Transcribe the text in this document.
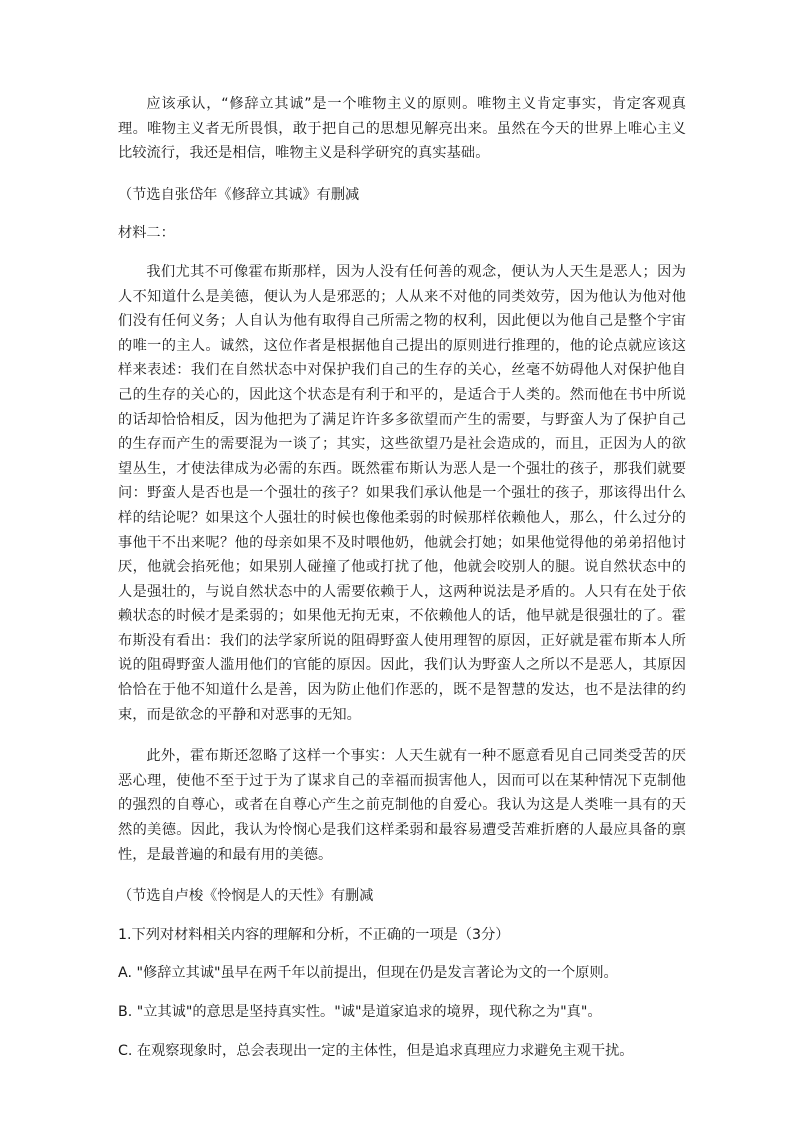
应该承认，“修辞立其诚”是一个唯物主义的原则。唯物主义肯定事实，肯定客观真理。唯物主义者无所畏惧，敢于把自己的思想见解亮出来。虽然在今天的世界上唯心主义比较流行，我还是相信，唯物主义是科学研究的真实基础。

（节选自张岱年《修辞立其诚》有删减

材料二：

我们尤其不可像霍布斯那样，因为人没有任何善的观念，便认为人天生是恶人；因为人不知道什么是美德，便认为人是邪恶的；人从来不对他的同类效劳，因为他认为他对他们没有任何义务；人自认为他有取得自己所需之物的权利，因此便以为他自己是整个宇宙的唯一的主人。诚然，这位作者是根据他自己提出的原则进行推理的，他的论点就应该这样来表述：我们在自然状态中对保护我们自己的生存的关心，丝毫不妨碍他人对保护他自己的生存的关心的，因此这个状态是有利于和平的，是适合于人类的。然而他在书中所说的话却恰恰相反，因为他把为了满足许许多多欲望而产生的需要，与野蛮人为了保护自己的生存而产生的需要混为一谈了；其实，这些欲望乃是社会造成的，而且，正因为人的欲望丛生，才使法律成为必需的东西。既然霍布斯认为恶人是一个强壮的孩子，那我们就要问：野蛮人是否也是一个强壮的孩子？如果我们承认他是一个强壮的孩子，那该得出什么样的结论呢？如果这个人强壮的时候也像他柔弱的时候那样依赖他人，那么，什么过分的事他干不出来呢？他的母亲如果不及时喂他奶，他就会打她；如果他觉得他的弟弟招他讨厌，他就会掐死他；如果别人碰撞了他或打扰了他，他就会咬别人的腿。说自然状态中的人是强壮的，与说自然状态中的人需要依赖于人，这两种说法是矛盾的。人只有在处于依赖状态的时候才是柔弱的；如果他无拘无束，不依赖他人的话，他早就是很强壮的了。霍布斯没有看出：我们的法学家所说的阻碍野蛮人使用理智的原因，正好就是霍布斯本人所说的阻碍野蛮人滥用他们的官能的原因。因此，我们认为野蛮人之所以不是恶人，其原因恰恰在于他不知道什么是善，因为防止他们作恶的，既不是智慧的发达，也不是法律的约束，而是欲念的平静和对恶事的无知。

此外，霍布斯还忽略了这样一个事实：人天生就有一种不愿意看见自己同类受苦的厌恶心理，使他不至于过于为了谋求自己的幸福而损害他人，因而可以在某种情况下克制他的强烈的自尊心，或者在自尊心产生之前克制他的自爱心。我认为这是人类唯一具有的天然的美德。因此，我认为怜悯心是我们这样柔弱和最容易遭受苦难折磨的人最应具备的禀性，是最普遍的和最有用的美德。

（节选自卢梭《怜悯是人的天性》有删减

1.下列对材料相关内容的理解和分析，不正确的一项是（3分）

A. "修辞立其诚"虽早在两千年以前提出，但现在仍是发言著论为文的一个原则。

B. "立其诚"的意思是坚持真实性。"诚"是道家追求的境界，现代称之为"真"。

C. 在观察现象时，总会表现出一定的主体性，但是追求真理应力求避免主观干扰。
